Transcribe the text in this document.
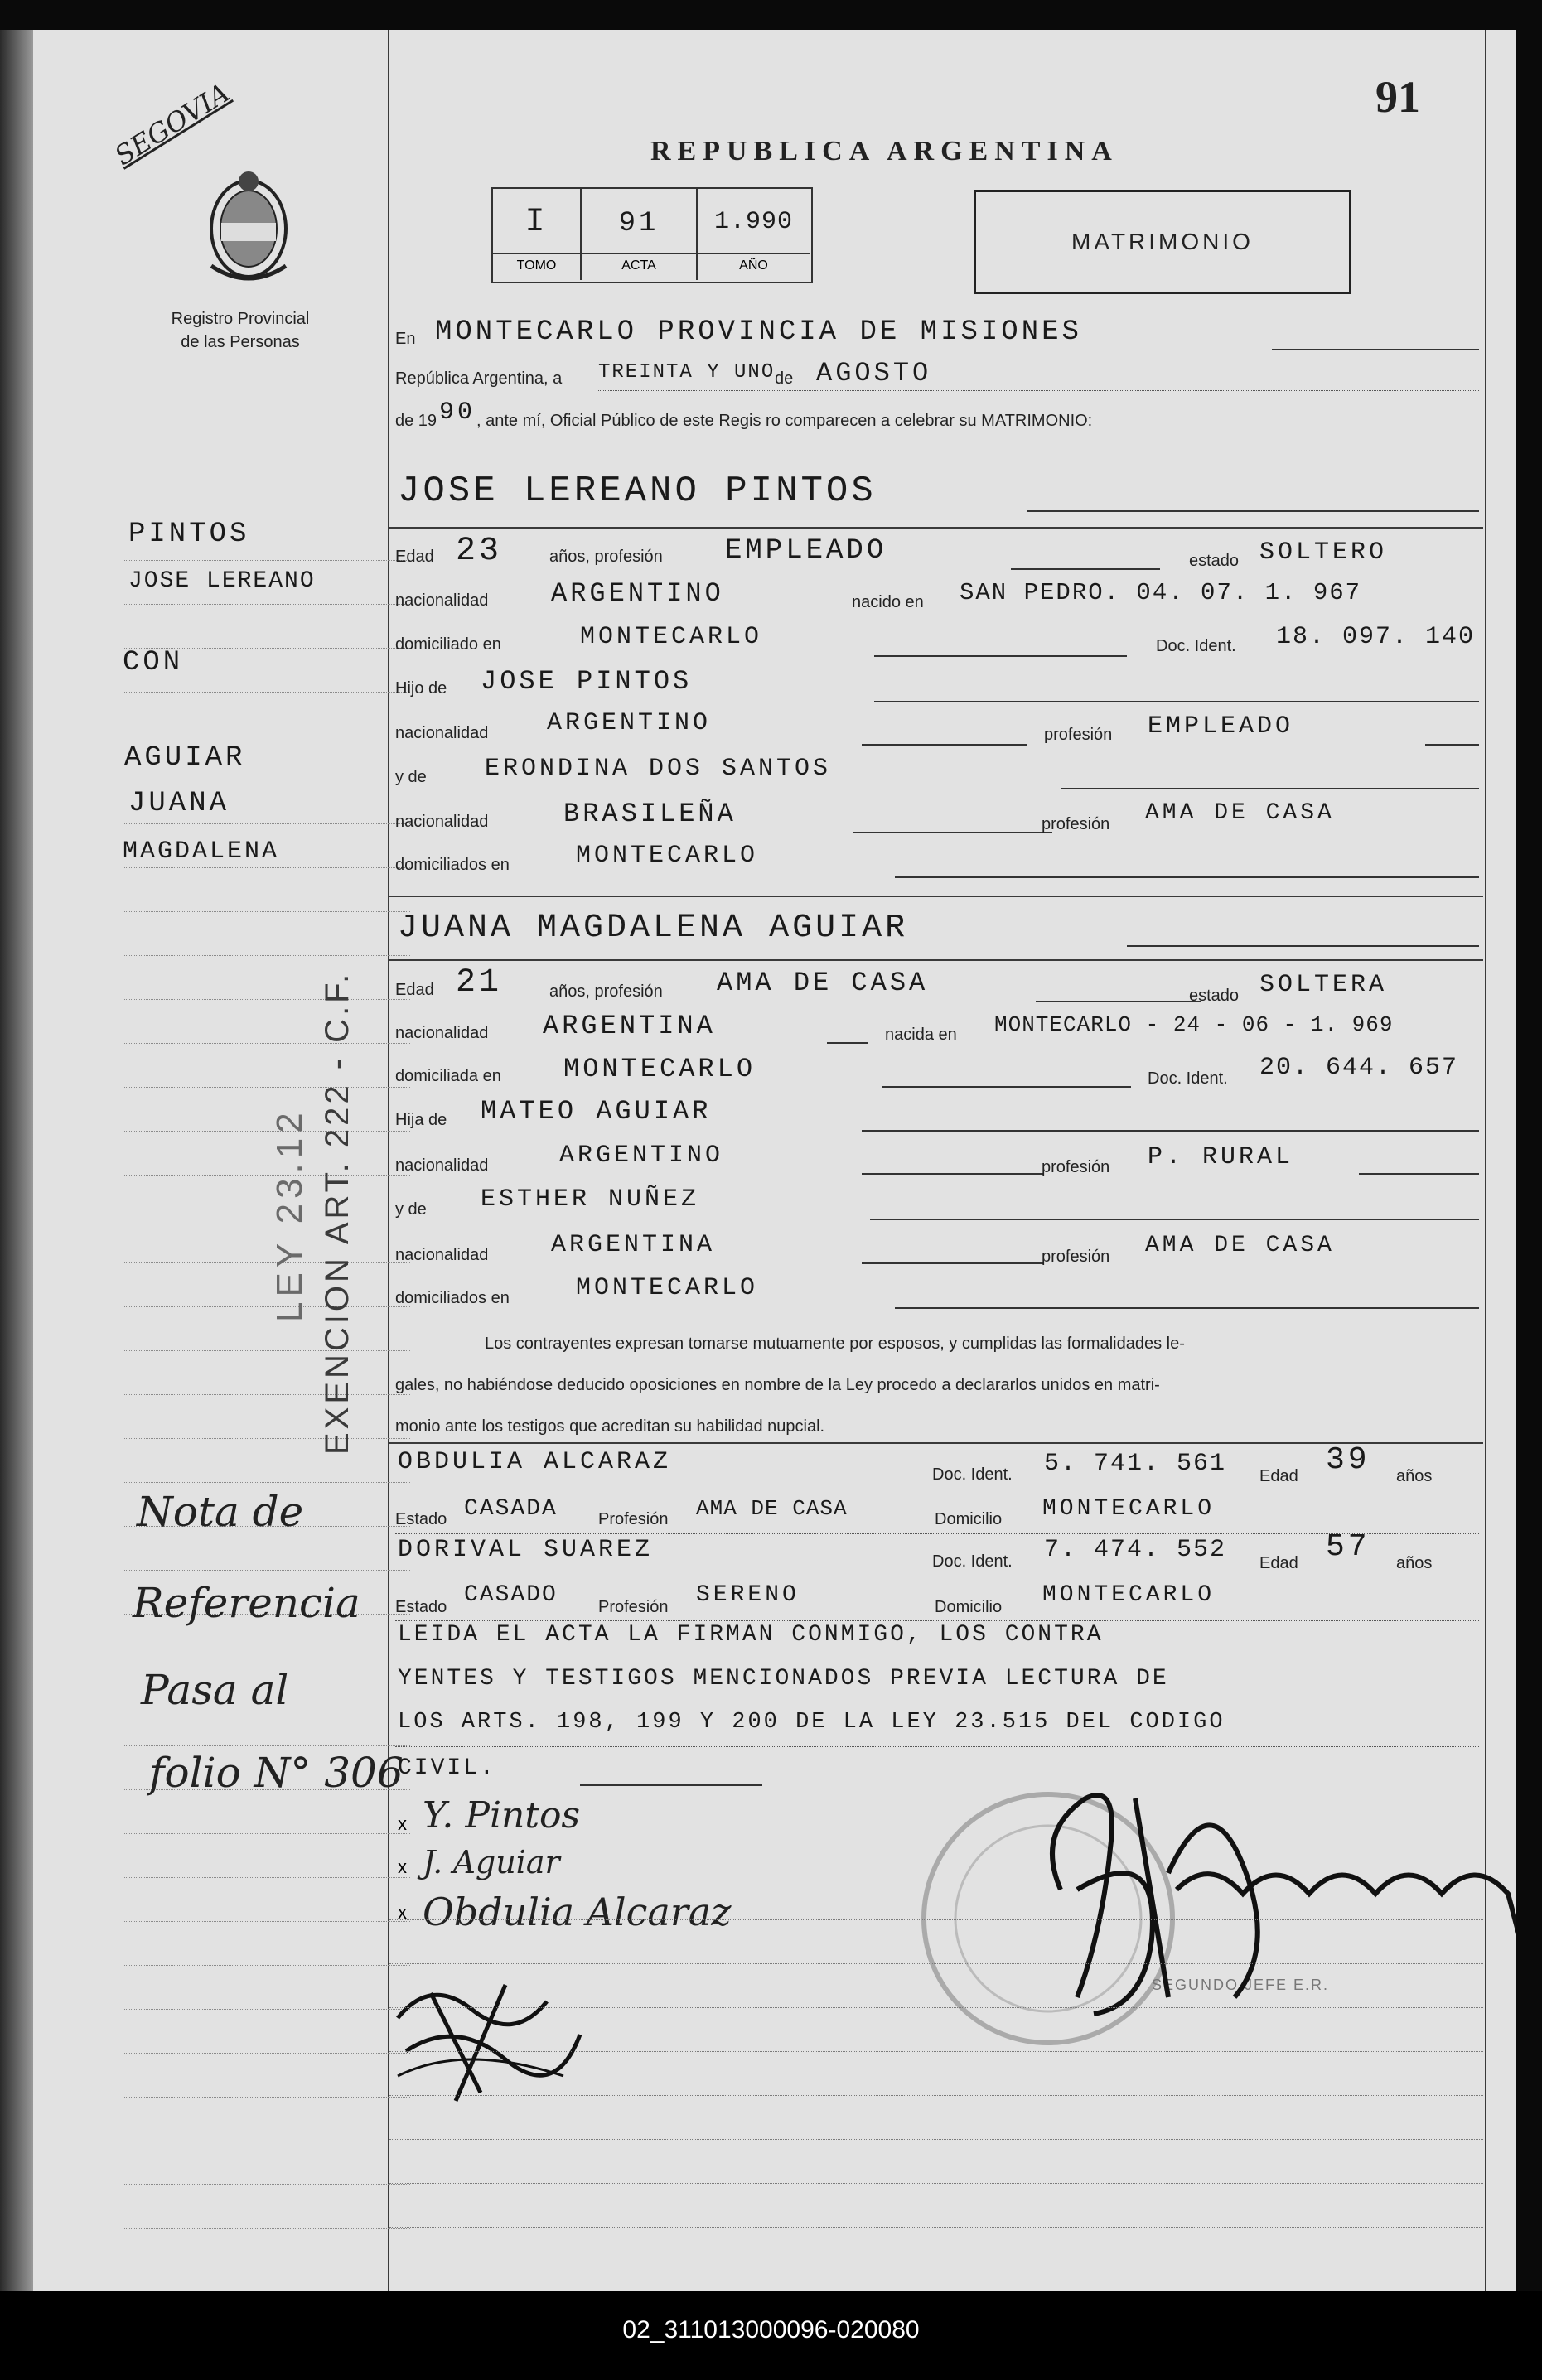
SEGOVIA
Registro Provincial
de las Personas
PINTOS
JOSE LEREANO
CON
AGUIAR
JUANA
MAGDALENA
LEY 23.12 EXENCION ART. 222 - C.F.
Nota de
Referencia
Pasa al
folio N° 306
91
REPUBLICA ARGENTINA
I	91	1.990
TOMO	ACTA	AÑO
MATRIMONIO
En MONTECARLO PROVINCIA DE MISIONES
República Argentina, a TREINTA Y UNO de AGOSTO
de 19 90 , ante mí, Oficial Público de este Regis ro comparecen a celebrar su MATRIMONIO:
JOSE LEREANO PINTOS
Edad 23	años, profesión EMPLEADO	estado SOLTERO
nacionalidad ARGENTINO	nacido en SAN PEDRO. 04. 07. 1. 967
domiciliado en	MONTECARLO	Doc. Ident. 18. 097. 140
Hijo de JOSE PINTOS
nacionalidad ARGENTINO	profesión EMPLEADO
y de ERONDINA DOS SANTOS
nacionalidad	BRASILEÑA	profesión AMA DE CASA
domiciliados en	MONTECARLO
JUANA MAGDALENA AGUIAR
Edad 21	años, profesión AMA DE CASA	estado SOLTERA
nacionalidad ARGENTINA	nacida en MONTECARLO - 24 - 06 - 1. 969
domiciliada en MONTECARLO	Doc. Ident. 20. 644. 657
Hija de MATEO AGUIAR
nacionalidad	ARGENTINO	profesión P. RURAL
y de ESTHER NUÑEZ
nacionalidad	ARGENTINA	profesión AMA DE CASA
domiciliados en	MONTECARLO
Los contrayentes expresan tomarse mutuamente por esposos, y cumplidas las formalidades le-
gales, no habiéndose deducido oposiciones en nombre de la Ley procedo a declararlos unidos en matri-
monio ante los testigos que acreditan su habilidad nupcial.
OBDULIA ALCARAZ	Doc. Ident. 5. 741. 561 Edad 39 años
Estado CASADA Profesión AMA DE CASA	Domicilio MONTECARLO
DORIVAL SUAREZ	Doc. Ident. 7. 474. 552 Edad 57 años
Estado CASADO Profesión SERENO	Domicilio MONTECARLO
LEIDA EL ACTA LA FIRMAN CONMIGO, LOS CONTRA
YENTES Y TESTIGOS MENCIONADOS PREVIA LECTURA DE
LOS ARTS. 198, 199 Y 200 DE LA LEY 23.515 DEL CODIGO
CIVIL.
x Y. Pintos
x J. Aguiar
x Obdulia Alcaraz
SEGUNDO JEFE E.R.
02_311013000096-020080
